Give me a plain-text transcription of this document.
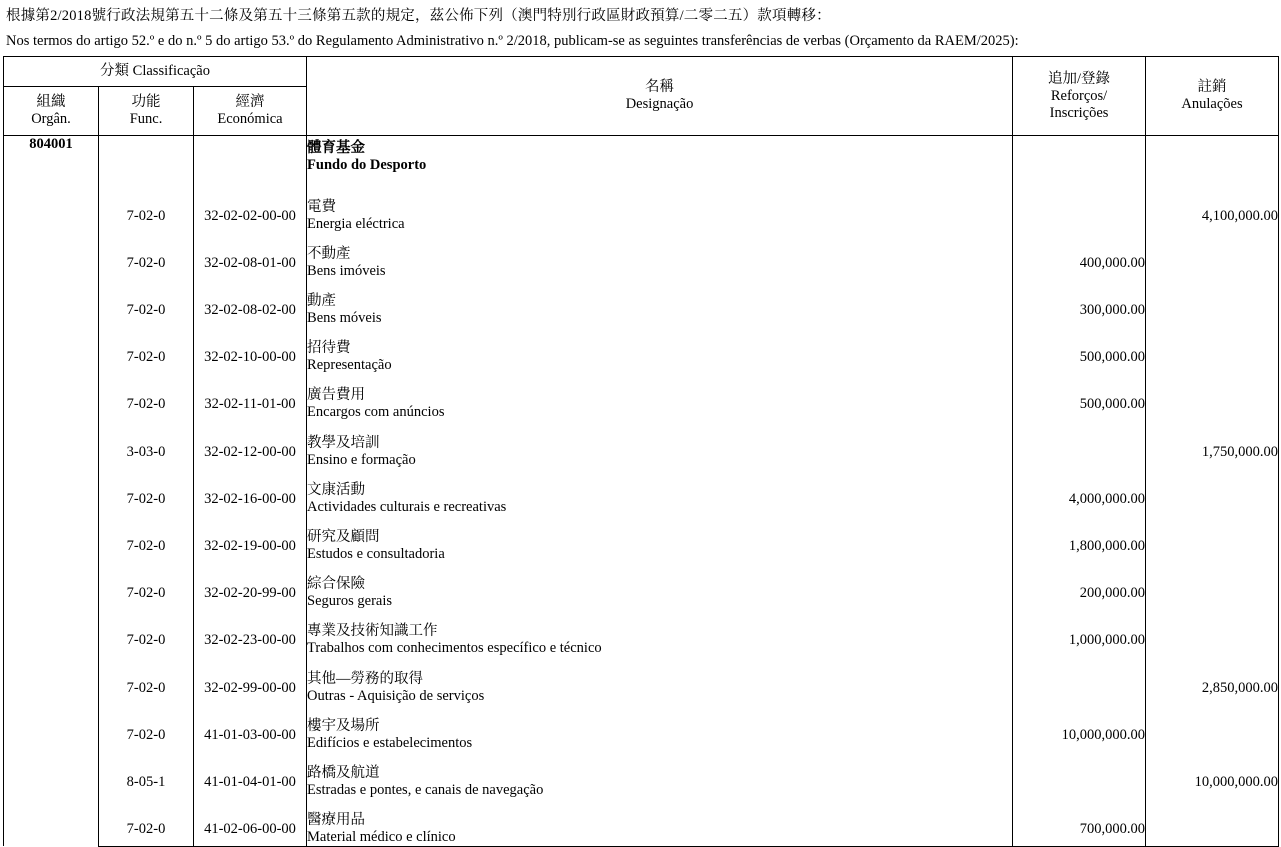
根據第2/2018號行政法規第五十二條及第五十三條第五款的規定，茲公佈下列（澳門特別行政區財政預算/二零二五）款項轉移：
Nos termos do artigo 52.º e do n.º 5 do artigo 53.º do Regulamento Administrativo n.º 2/2018, publicam-se as seguintes transferências de verbas (Orçamento da RAEM/2025):
分類 Classificação			名稱
Designação	追加/登錄
Reforços/
Inscrições	註銷
Anulações

組織
Orgân.	功能
Func.	經濟
Económica			

804001			體育基金
Fundo do Desporto		

	7-02-0	32-02-02-00-00	電費
Energia eléctrica		4,100,000.00
	7-02-0	32-02-08-01-00	不動產
Bens imóveis	400,000.00	
	7-02-0	32-02-08-02-00	動產
Bens móveis	300,000.00	
	7-02-0	32-02-10-00-00	招待費
Representação	500,000.00	
	7-02-0	32-02-11-01-00	廣告費用
Encargos com anúncios	500,000.00	
	3-03-0	32-02-12-00-00	教學及培訓
Ensino e formação		1,750,000.00
	7-02-0	32-02-16-00-00	文康活動
Actividades culturais e recreativas	4,000,000.00	
	7-02-0	32-02-19-00-00	研究及顧問
Estudos e consultadoria	1,800,000.00	
	7-02-0	32-02-20-99-00	綜合保險
Seguros gerais	200,000.00	
	7-02-0	32-02-23-00-00	專業及技術知識工作
Trabalhos com conhecimentos específico e técnico	1,000,000.00	
	7-02-0	32-02-99-00-00	其他—勞務的取得
Outras - Aquisição de serviços		2,850,000.00
	7-02-0	41-01-03-00-00	樓宇及場所
Edifícios e estabelecimentos	10,000,000.00	
	8-05-1	41-01-04-01-00	路橋及航道
Estradas e pontes, e canais de navegação		10,000,000.00
	7-02-0	41-02-06-00-00	醫療用品
Material médico e clínico	700,000.00	
